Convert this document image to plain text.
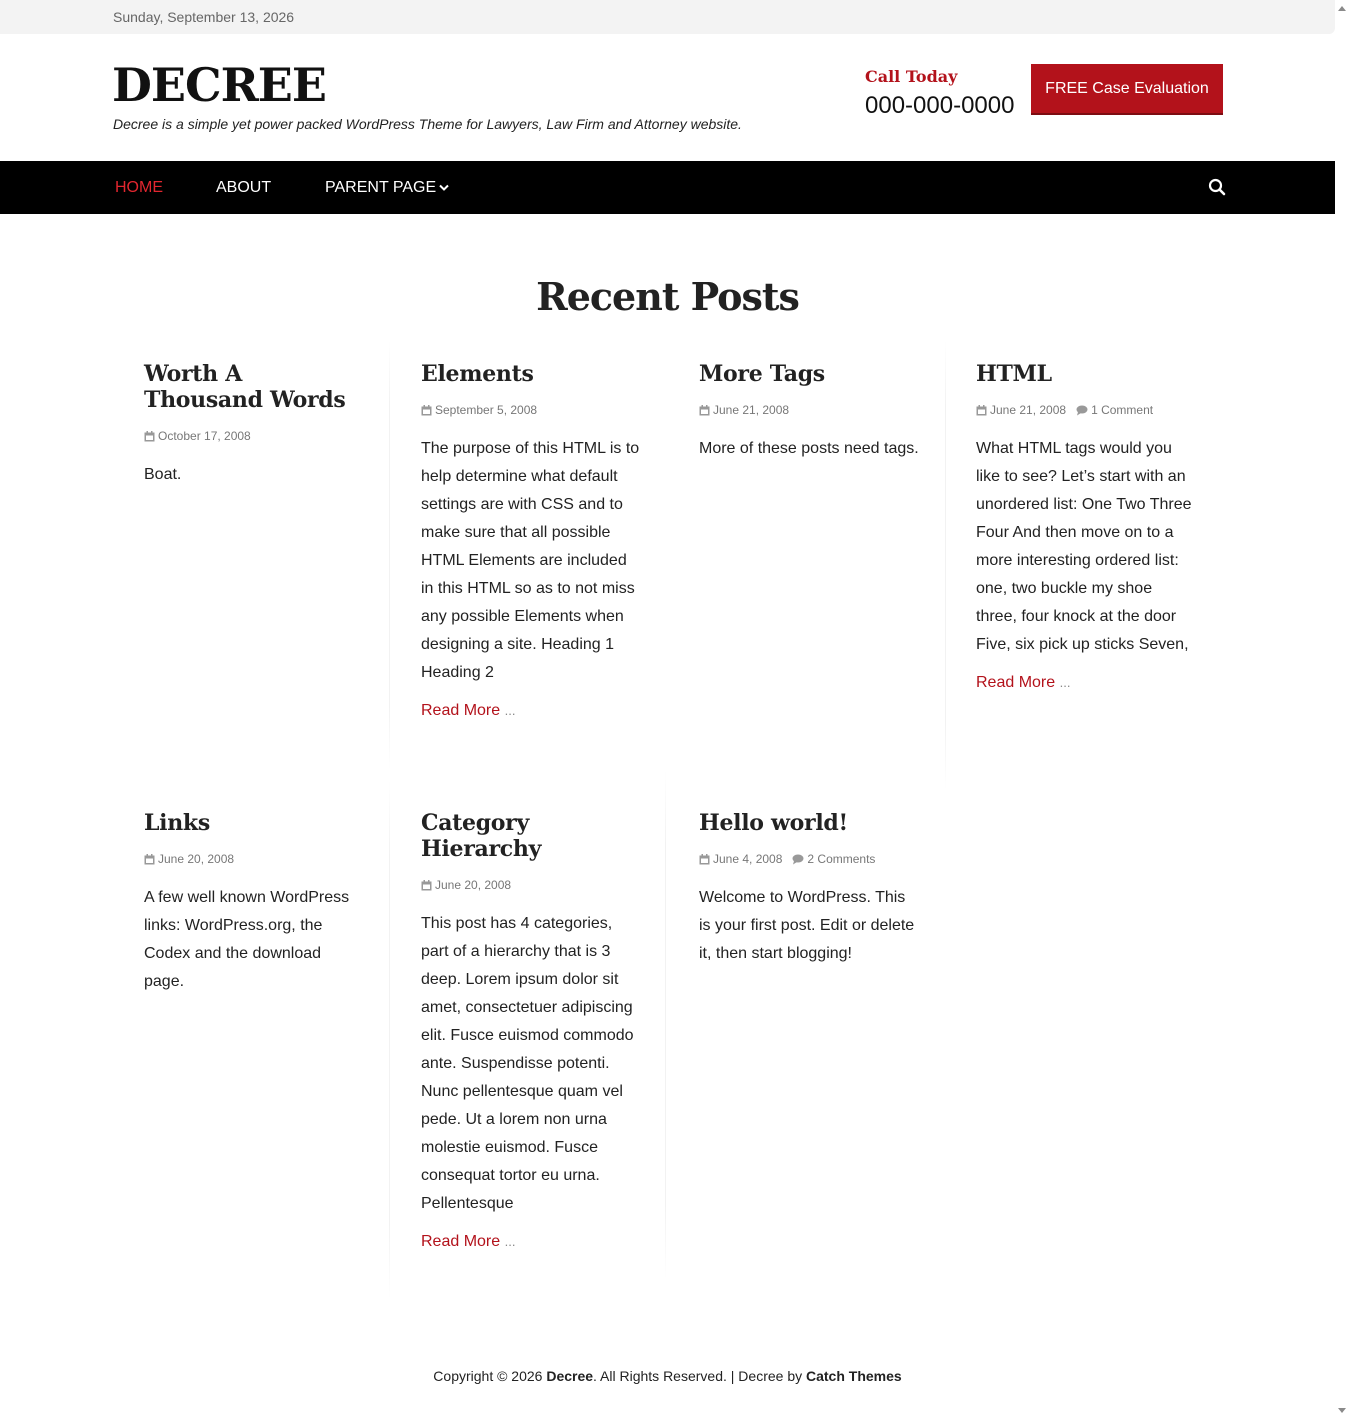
Sunday, September 13, 2026
DECREE
Decree is a simple yet power packed WordPress Theme for Lawyers, Law Firm and Attorney website.
Call Today
000-000-0000
FREE Case Evaluation
HOME	ABOUT	PARENT PAGE
Recent Posts
Worth A Thousand Words
October 17, 2008
Boat.
Elements
September 5, 2008
The purpose of this HTML is to help determine what default settings are with CSS and to make sure that all possible HTML Elements are included in this HTML so as to not miss any possible Elements when designing a site. Heading 1 Heading 2
Read More ...
More Tags
June 21, 2008
More of these posts need tags.
HTML
June 21, 2008 1 Comment
What HTML tags would you like to see? Let’s start with an unordered list: One Two Three Four And then move on to a more interesting ordered list: one, two buckle my shoe three, four knock at the door Five, six pick up sticks Seven,
Read More ...
Links
June 20, 2008
A few well known WordPress links: WordPress.org, the Codex and the download page.
Category Hierarchy
June 20, 2008
This post has 4 categories, part of a hierarchy that is 3 deep. Lorem ipsum dolor sit amet, consectetuer adipiscing elit. Fusce euismod commodo ante. Suspendisse potenti. Nunc pellentesque quam vel pede. Ut a lorem non urna molestie euismod. Fusce consequat tortor eu urna. Pellentesque
Read More ...
Hello world!
June 4, 2008 2 Comments
Welcome to WordPress. This is your first post. Edit or delete it, then start blogging!
Copyright © 2026 Decree. All Rights Reserved. | Decree by Catch Themes
